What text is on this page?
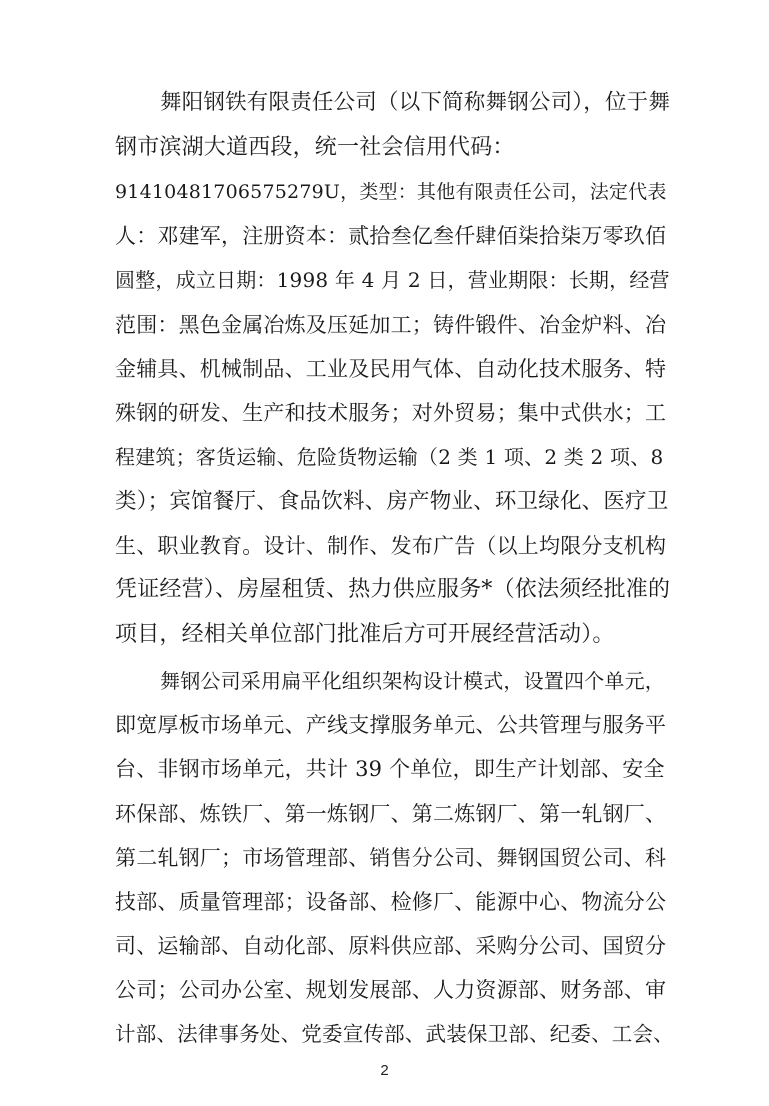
舞阳钢铁有限责任公司（以下简称舞钢公司），位于舞
钢市滨湖大道西段，统一社会信用代码：
91410481706575279U，类型：其他有限责任公司，法定代表
人：邓建军，注册资本：贰拾叁亿叁仟肆佰柒拾柒万零玖佰
圆整，成立日期：1998 年 4 月 2 日，营业期限：长期，经营
范围：黑色金属冶炼及压延加工；铸件锻件、冶金炉料、冶
金辅具、机械制品、工业及民用气体、自动化技术服务、特
殊钢的研发、生产和技术服务；对外贸易；集中式供水；工
程建筑；客货运输、危险货物运输（2 类 1 项、2 类 2 项、8
类）；宾馆餐厅、食品饮料、房产物业、环卫绿化、医疗卫
生、职业教育。设计、制作、发布广告（以上均限分支机构
凭证经营）、房屋租赁、热力供应服务*（依法须经批准的
项目，经相关单位部门批准后方可开展经营活动）。
舞钢公司采用扁平化组织架构设计模式，设置四个单元，
即宽厚板市场单元、产线支撑服务单元、公共管理与服务平
台、非钢市场单元，共计 39 个单位，即生产计划部、安全
环保部、炼铁厂、第一炼钢厂、第二炼钢厂、第一轧钢厂、
第二轧钢厂；市场管理部、销售分公司、舞钢国贸公司、科
技部、质量管理部；设备部、检修厂、能源中心、物流分公
司、运输部、自动化部、原料供应部、采购分公司、国贸分
公司；公司办公室、规划发展部、人力资源部、财务部、审
计部、法律事务处、党委宣传部、武装保卫部、纪委、工会、
2
